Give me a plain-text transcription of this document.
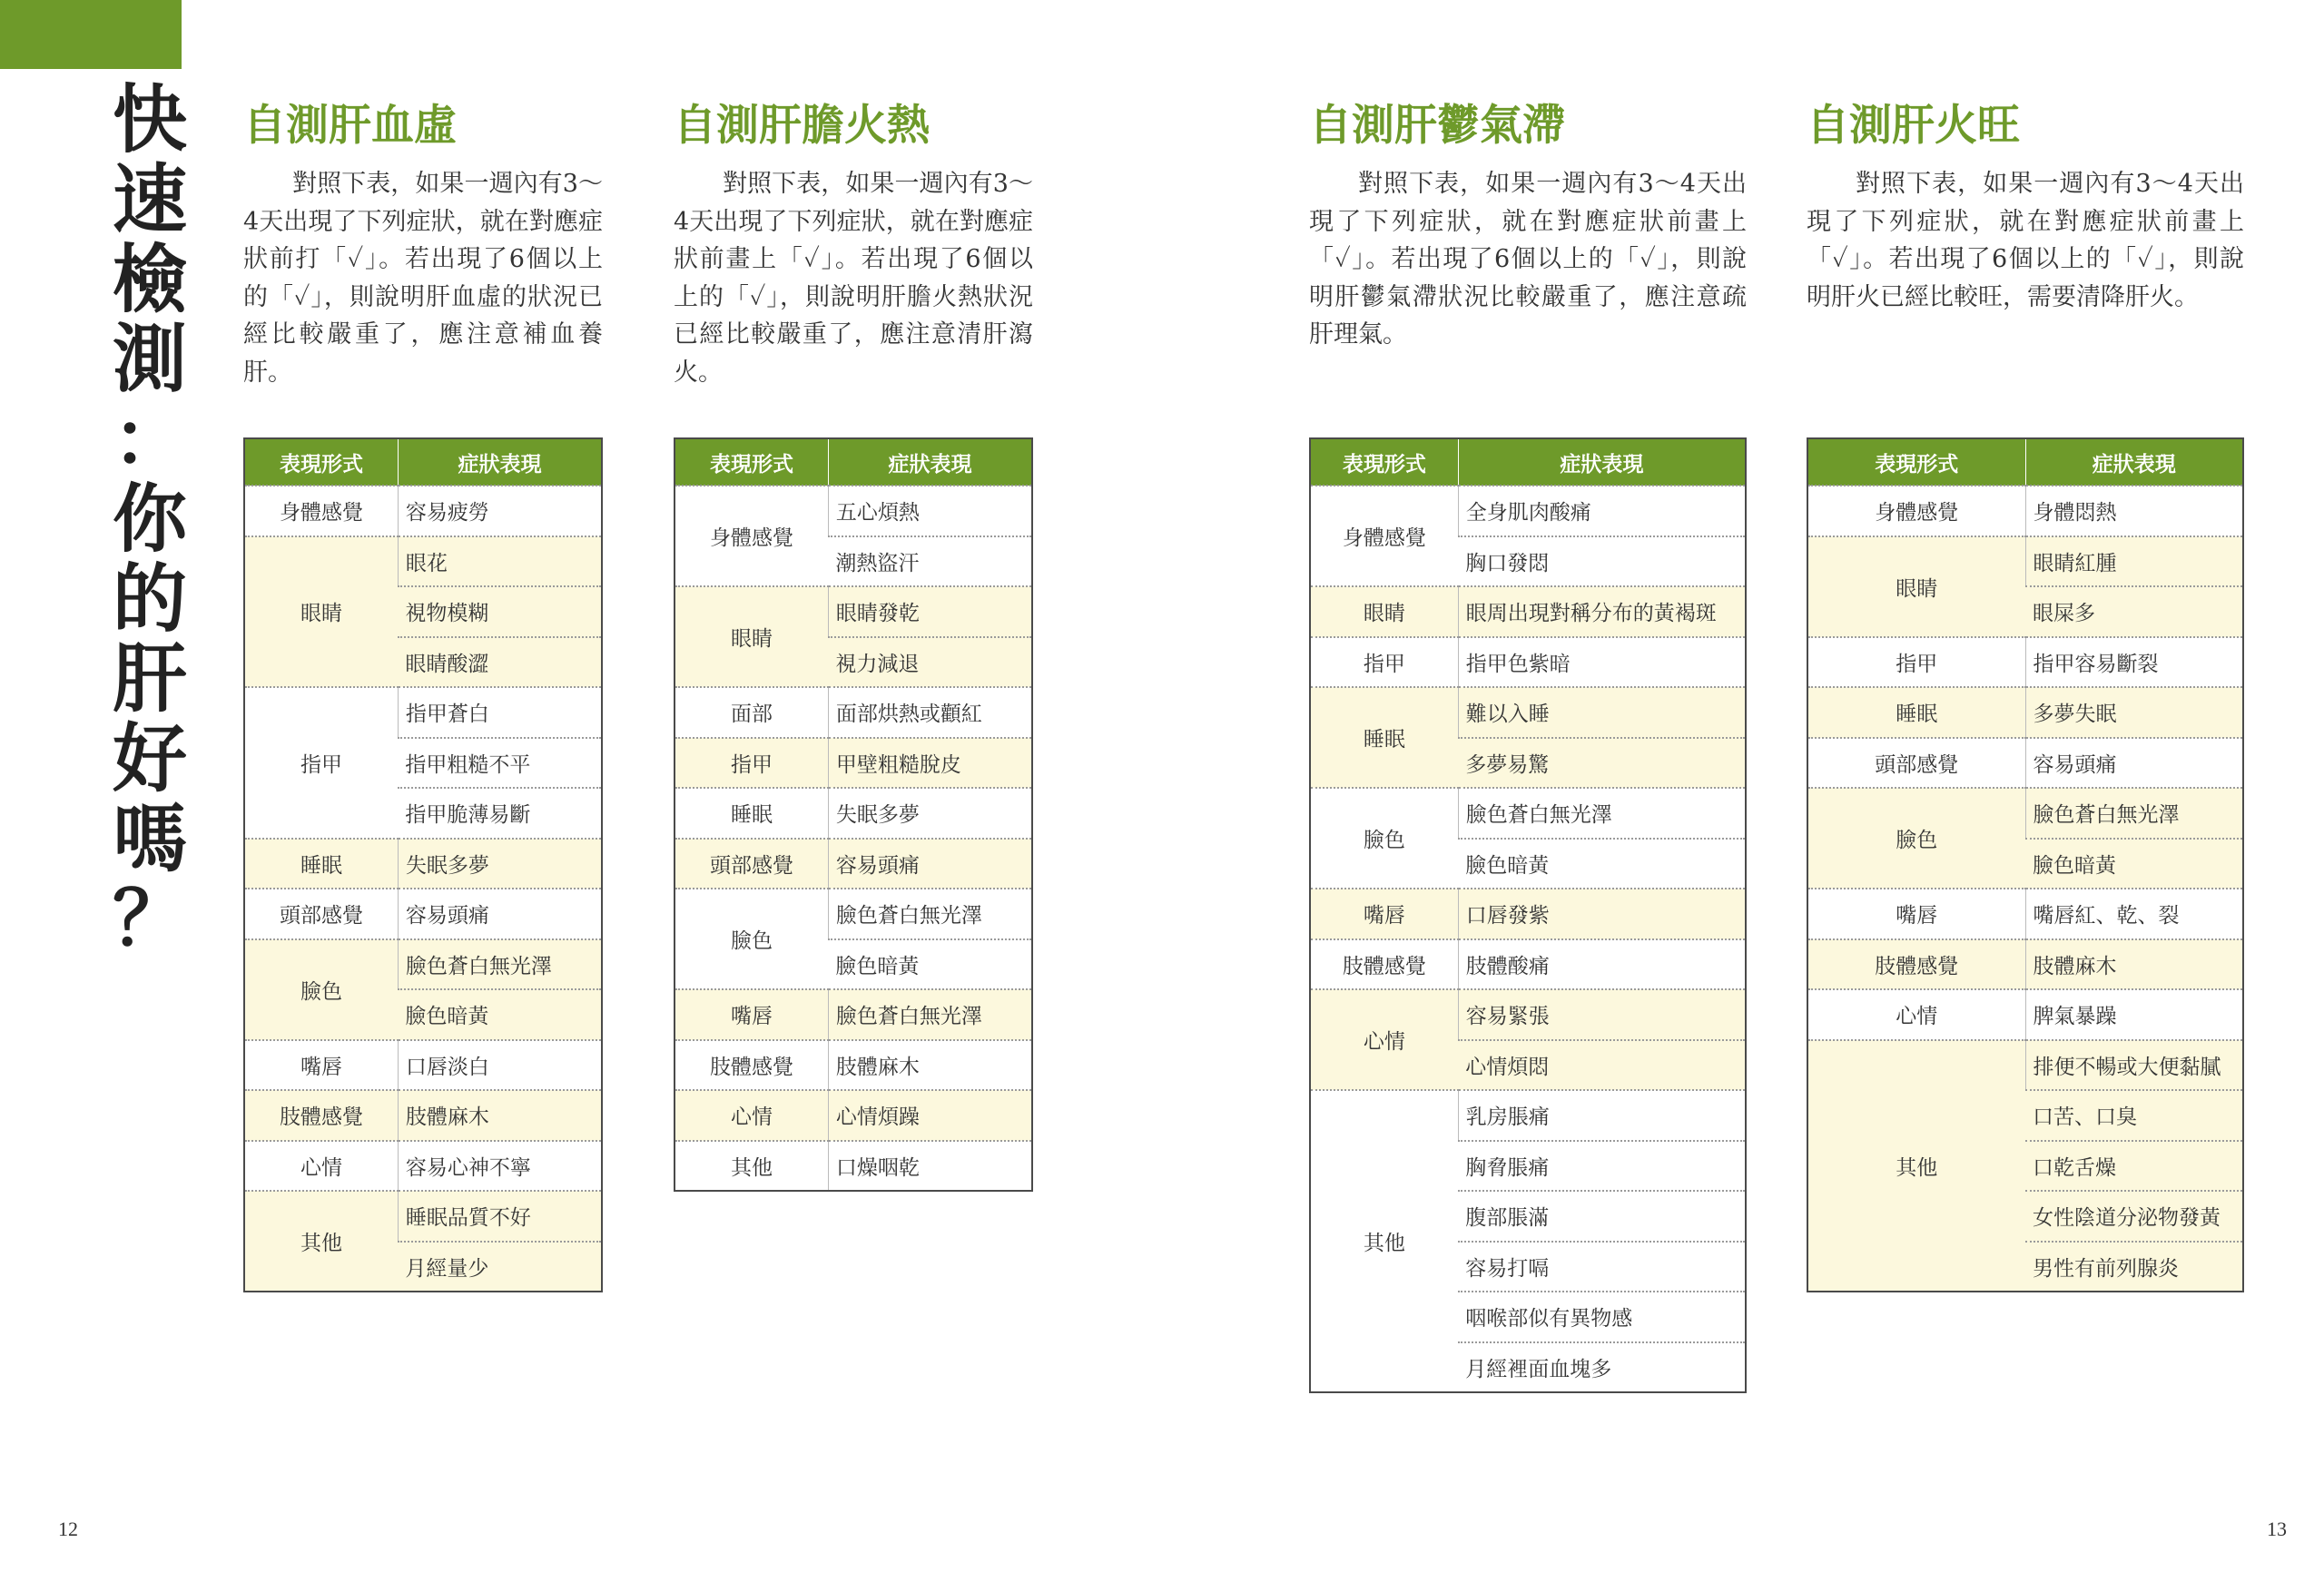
快
速
檢
測
：
你
的
肝
好
嗎
？
自測肝血虛

對照下表，如果一週內有3～4天出現了下列症狀，就在對應症狀前打「✓」。若出現了6個以上的「✓」，則說明肝血虛的狀況已經比較嚴重了，應注意補血養肝。

表現形式	症狀表現
身體感覺	容易疲勞
眼睛	眼花
	視物模糊
	眼睛酸澀
指甲	指甲蒼白
	指甲粗糙不平
	指甲脆薄易斷
睡眠	失眠多夢
頭部感覺	容易頭痛
臉色	臉色蒼白無光澤
	臉色暗黃
嘴唇	口唇淡白
肢體感覺	肢體麻木
心情	容易心神不寧
其他	睡眠品質不好
	月經量少
自測肝膽火熱

對照下表，如果一週內有3～4天出現了下列症狀，就在對應症狀前畫上「✓」。若出現了6個以上的「✓」，則說明肝膽火熱狀況已經比較嚴重了，應注意清肝瀉火。

表現形式	症狀表現
身體感覺	五心煩熱
	潮熱盜汗
眼睛	眼睛發乾
	視力減退
面部	面部烘熱或顴紅
指甲	甲壁粗糙脫皮
睡眠	失眠多夢
頭部感覺	容易頭痛
臉色	臉色蒼白無光澤
	臉色暗黃
嘴唇	臉色蒼白無光澤
肢體感覺	肢體麻木
心情	心情煩躁
其他	口燥咽乾
自測肝鬱氣滯

對照下表，如果一週內有3～4天出現了下列症狀，就在對應症狀前畫上「✓」。若出現了6個以上的「✓」，則說明肝鬱氣滯狀況比較嚴重了，應注意疏肝理氣。

表現形式	症狀表現
身體感覺	全身肌肉酸痛
	胸口發悶
眼睛	眼周出現對稱分布的黃褐斑
指甲	指甲色紫暗
睡眠	難以入睡
	多夢易驚
臉色	臉色蒼白無光澤
	臉色暗黃
嘴唇	口唇發紫
肢體感覺	肢體酸痛
心情	容易緊張
	心情煩悶
其他	乳房脹痛
	胸脅脹痛
	腹部脹滿
	容易打嗝
	咽喉部似有異物感
	月經裡面血塊多
自測肝火旺

對照下表，如果一週內有3～4天出現了下列症狀，就在對應症狀前畫上「✓」。若出現了6個以上的「✓」，則說明肝火已經比較旺，需要清降肝火。

表現形式	症狀表現
身體感覺	身體悶熱
眼睛	眼睛紅腫
	眼屎多
指甲	指甲容易斷裂
睡眠	多夢失眠
頭部感覺	容易頭痛
臉色	臉色蒼白無光澤
	臉色暗黃
嘴唇	嘴唇紅、乾、裂
肢體感覺	肢體麻木
心情	脾氣暴躁
其他	排便不暢或大便黏膩
	口苦、口臭
	口乾舌燥
	女性陰道分泌物發黃
	男性有前列腺炎
12	13
